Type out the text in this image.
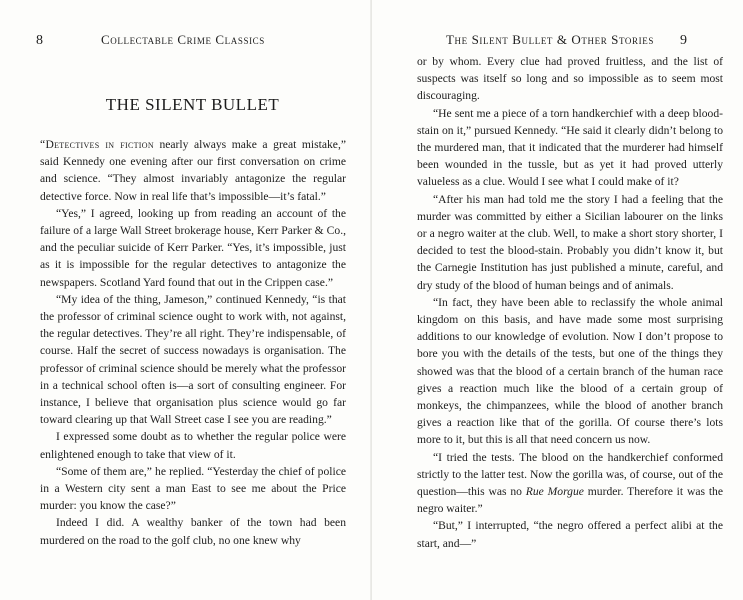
8	Collectable Crime Classics
THE SILENT BULLET

“Detectives in fiction nearly always make a great mistake,” said Kennedy one evening after our first conversation on crime and science. “They almost invariably antagonize the regular detective force. Now in real life that’s impossible—it’s fatal.”

“Yes,” I agreed, looking up from reading an account of the failure of a large Wall Street brokerage house, Kerr Parker & Co., and the peculiar suicide of Kerr Parker. “Yes, it’s impossible, just as it is impossible for the regular detectives to antagonize the newspapers. Scotland Yard found that out in the Crippen case.”

“My idea of the thing, Jameson,” continued Kennedy, “is that the professor of criminal science ought to work with, not against, the regular detectives. They’re all right. They’re indispensable, of course. Half the secret of success nowadays is organisation. The professor of criminal science should be merely what the professor in a technical school often is—a sort of consulting engineer. For instance, I believe that organisation plus science would go far toward clearing up that Wall Street case I see you are reading.”

I expressed some doubt as to whether the regular police were enlightened enough to take that view of it.

“Some of them are,” he replied. “Yesterday the chief of police in a Western city sent a man East to see me about the Price murder: you know the case?”

Indeed I did. A wealthy banker of the town had been murdered on the road to the golf club, no one knew why

The Silent Bullet & Other Stories 9

or by whom. Every clue had proved fruitless, and the list of suspects was itself so long and so impossible as to seem most discouraging.

“He sent me a piece of a torn handkerchief with a deep blood-stain on it,” pursued Kennedy. “He said it clearly didn’t belong to the murdered man, that it indicated that the murderer had himself been wounded in the tussle, but as yet it had proved utterly valueless as a clue. Would I see what I could make of it?

“After his man had told me the story I had a feeling that the murder was committed by either a Sicilian labourer on the links or a negro waiter at the club. Well, to make a short story shorter, I decided to test the blood-stain. Probably you didn’t know it, but the Carnegie Institution has just published a minute, careful, and dry study of the blood of human beings and of animals.

“In fact, they have been able to reclassify the whole animal kingdom on this basis, and have made some most surprising additions to our knowledge of evolution. Now I don’t propose to bore you with the details of the tests, but one of the things they showed was that the blood of a certain branch of the human race gives a reaction much like the blood of a certain group of monkeys, the chimpanzees, while the blood of another branch gives a reaction like that of the gorilla. Of course there’s lots more to it, but this is all that need concern us now.

“I tried the tests. The blood on the handkerchief conformed strictly to the latter test. Now the gorilla was, of course, out of the question—this was no Rue Morgue murder. Therefore it was the negro waiter.”

“But,” I interrupted, “the negro offered a perfect alibi at the start, and—”
